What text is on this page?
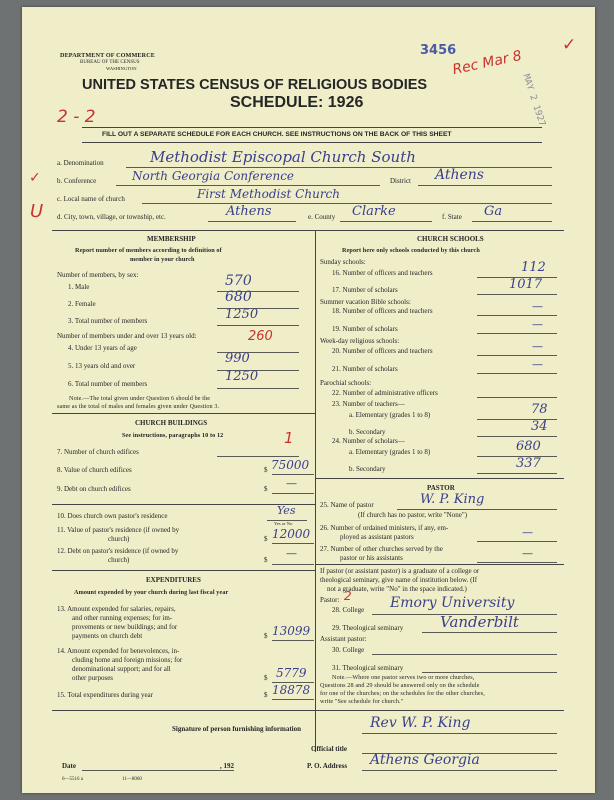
DEPARTMENT OF COMMERCE
BUREAU OF THE CENSUS
WASHINGTON
3456
Rec Mar 8
MAY 2 1927
✓
UNITED STATES CENSUS OF RELIGIOUS BODIES
SCHEDULE: 1926
2 - 2
FILL OUT A SEPARATE SCHEDULE FOR EACH CHURCH. SEE INSTRUCTIONS ON THE BACK OF THIS SHEET
a. Denomination	Methodist Episcopal Church South
✓ b. Conference	North Georgia Conference	District Athens
c. Local name of church	First Methodist Church
U d. City, town, village, or township, etc.	Athens	e. County Clarke	f. State Ga
MEMBERSHIP
Report number of members according to definition of
member in your church
Number of members, by sex:
1. Male	570
2. Female	680
3. Total number of members	1250
Number of members under and over 13 years old:
4. Under 13 years of age
260
5. 13 years old and over	990
6. Total number of members	1250
Note.—The total given under Question 6 should be the
same as the total of males and females given under Question 3.
CHURCH BUILDINGS
See instructions, paragraphs 10 to 12
7. Number of church edifices
1
8. Value of church edifices	$ 75000
9. Debt on church edifices	$ —
10. Does church own pastor's residence	Yes
Yes or No
11. Value of pastor's residence (if owned by
church)	$ 12000
12. Debt on pastor's residence (if owned by
church)	$ —
EXPENDITURES
Amount expended by your church during last fiscal year
13. Amount expended for salaries, repairs,
and other running expenses; for im-
provements or new buildings; and for
payments on church debt	$ 13099
14. Amount expended for benevolences, in-
cluding home and foreign missions; for
denominational support; and for all
other purposes	$ 5779
15. Total expenditures during year	$ 18878
CHURCH SCHOOLS
Report here only schools conducted by this church
Sunday schools:
16. Number of officers and teachers	112
17. Number of scholars	1017
Summer vacation Bible schools:
18. Number of officers and teachers	—
19. Number of scholars	—
Week-day religious schools:
20. Number of officers and teachers	—
21. Number of scholars	—
Parochial schools:
22. Number of administrative officers
23. Number of teachers—
a. Elementary (grades 1 to 8)	78
b. Secondary	34
24. Number of scholars—
a. Elementary (grades 1 to 8)	680
b. Secondary	337
PASTOR
25. Name of pastor	W. P. King
(If church has no pastor, write "None")
26. Number of ordained ministers, if any, em-
ployed as assistant pastors	—
27. Number of other churches served by the
pastor or his assistants	—
If pastor (or assistant pastor) is a graduate of a college or
theological seminary, give name of institution below. (If
not a graduate, write "No" in the space indicated.)
Pastor: 2
28. College Emory University
29. Theological seminary Vanderbilt
Assistant pastor:
30. College
31. Theological seminary
Note.—Where one pastor serves two or more churches,
Questions 28 and 29 should be answered only on the schedule
for one of the churches; on the schedules for the other churches,
write "See schedule for church."
Signature of person furnishing information	Rev W. P. King
Official title
Date	, 192	P. O. Address Athens Georgia
6—5516 a	11—8060
